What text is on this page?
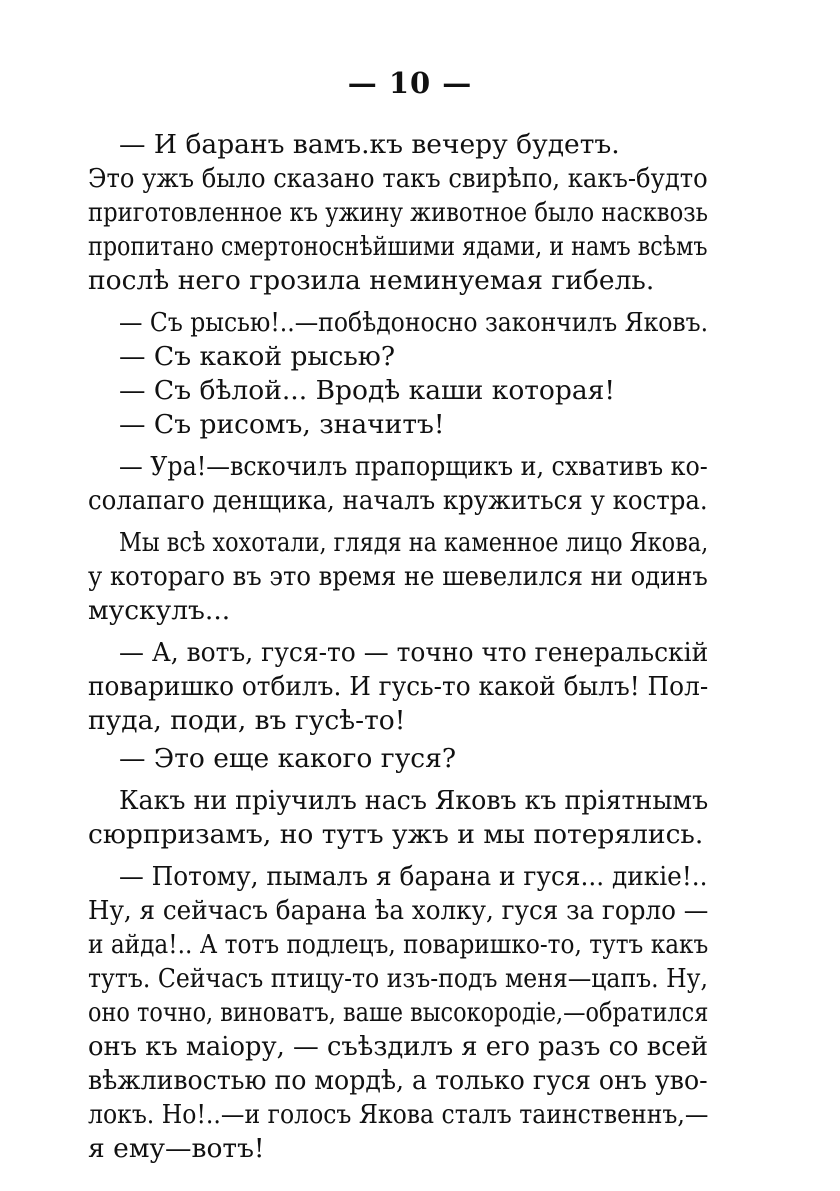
— 10 —
— И баранъ вамъ.къ вечеру будетъ.
Это ужъ было сказано такъ свирѣпо, какъ-будто
приготовленное къ ужину животное было насквозь
пропитано смертоноснѣйшими ядами, и намъ всѣмъ
послѣ него грозила неминуемая гибель.
— Съ рысью!..—побѣдоносно закончилъ Яковъ.
— Съ какой рысью?
— Съ бѣлой... Вродѣ каши которая!
— Съ рисомъ, значитъ!
— Ура!—вскочилъ прапорщикъ и, схвативъ ко-
солапаго денщика, началъ кружиться у костра.
Мы всѣ хохотали, глядя на каменное лицо Якова,
у котораго въ это время не шевелился ни одинъ
мускулъ...
— А, вотъ, гуся-то — точно что генеральскій
поваришко отбилъ. И гусь-то какой былъ! Пол-
пуда, поди, въ гусѣ-то!
— Это еще какого гуся?
Какъ ни пріучилъ насъ Яковъ къ пріятнымъ
сюрпризамъ, но тутъ ужъ и мы потерялись.
— Потому, пымалъ я барана и гуся... дикіе!..
Ну, я сейчасъ барана ѣа холку, гуся за горло —
и айда!.. А тотъ подлецъ, поваришко-то, тутъ какъ
тутъ. Сейчасъ птицу-то изъ-подъ меня—цапъ. Ну,
оно точно, виноватъ, ваше высокородіе,—обратился
онъ къ маіору, — съѣздилъ я его разъ со всей
вѣжливостью по мордѣ, а только гуся онъ уво-
локъ. Но!..—и голосъ Якова сталъ таинственнъ,—
я ему—вотъ!
